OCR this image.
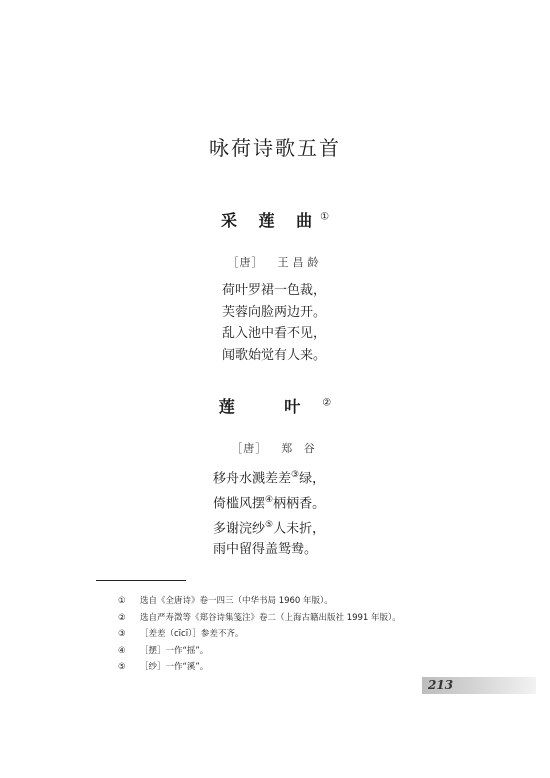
咏荷诗歌五首
采 莲 曲①
［唐］ 王昌龄
荷叶罗裙一色裁，
芙蓉向脸两边开。
乱入池中看不见，
闻歌始觉有人来。
莲 叶②
［唐］ 郑 谷
移舟水溅差差③绿，
倚槛风摆④柄柄香。
多谢浣纱⑤人未折，
雨中留得盖鸳鸯。
① 选自《全唐诗》卷一四三（中华书局 1960 年版）。
② 选自严寿澂等《郑谷诗集笺注》卷二（上海古籍出版社 1991 年版）。
③ ［差差（cīcī）］参差不齐。
④ ［摆］一作“摇”。
⑤ ［纱］一作“溪”。
213
